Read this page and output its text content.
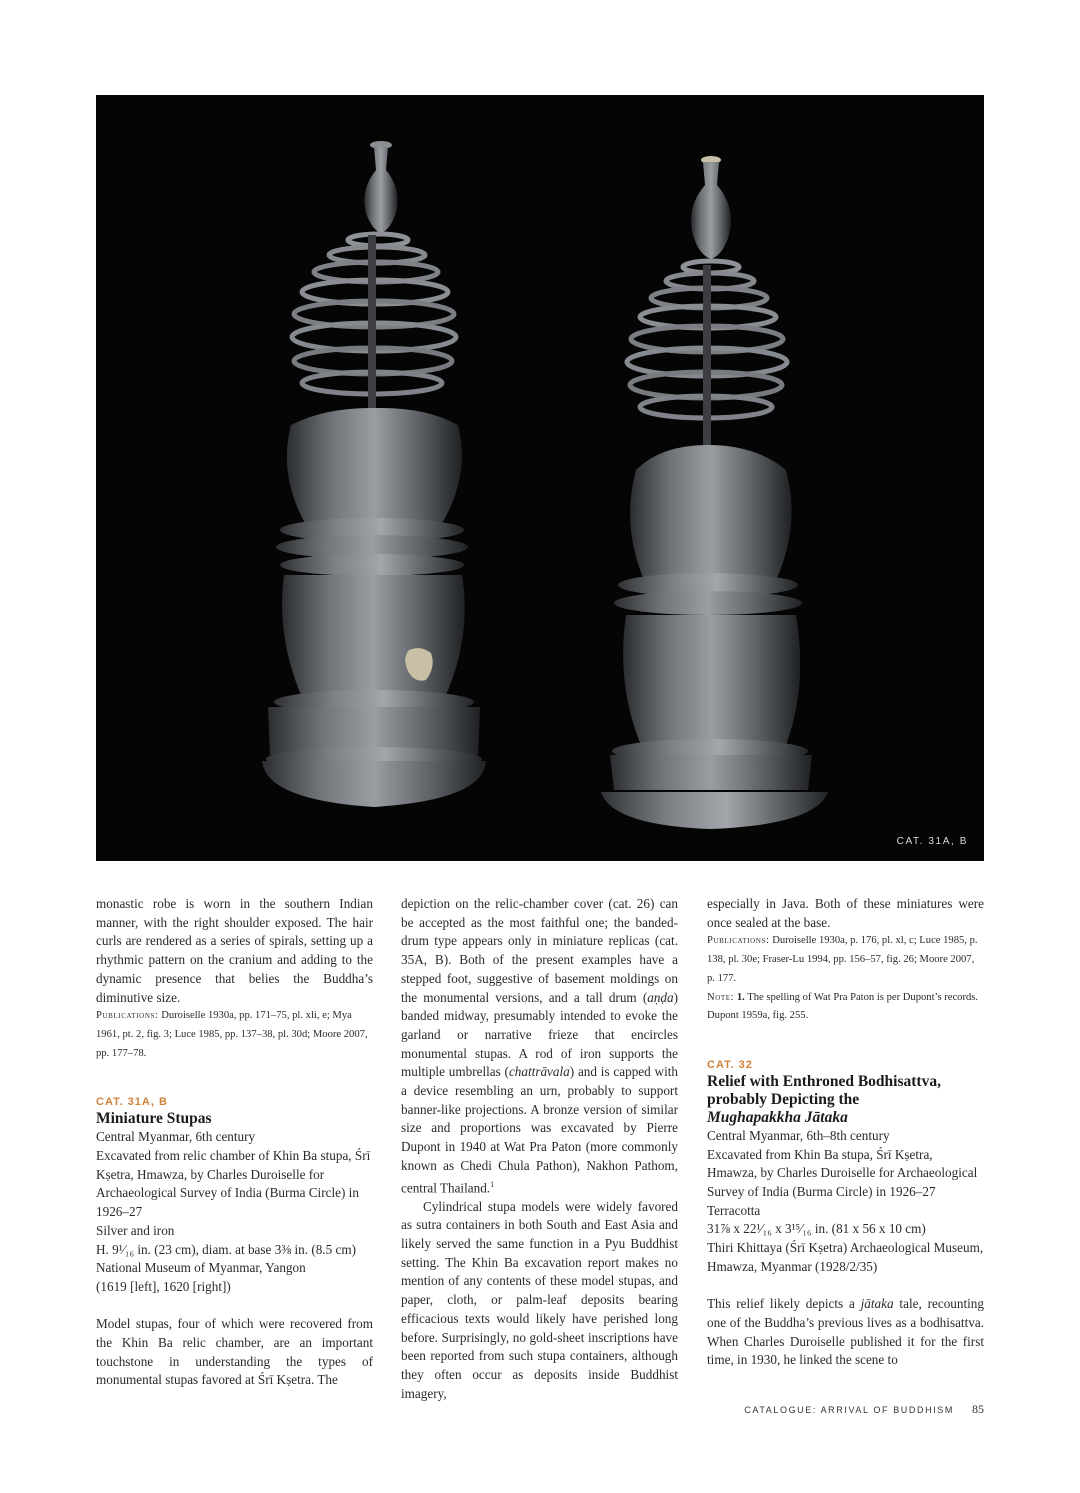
CAT. 31A, B

monastic robe is worn in the southern Indian manner, with the right shoulder exposed. The hair curls are rendered as a series of spirals, setting up a rhythmic pattern on the cranium and adding to the dynamic presence that belies the Buddha’s diminutive size.

Publications: Duroiselle 1930a, pp. 171–75, pl. xli, e; Mya 1961, pt. 2, fig. 3; Luce 1985, pp. 137–38, pl. 30d; Moore 2007, pp. 177–78.

CAT. 31A, B
Miniature Stupas
Central Myanmar, 6th century
Excavated from relic chamber of Khin Ba stupa, Śrī Kṣetra, Hmawza, by Charles Duroiselle for Archaeological Survey of India (Burma Circle) in 1926–27
Silver and iron
H. 9¹⁄₁₆ in. (23 cm), diam. at base 3⅜ in. (8.5 cm)
National Museum of Myanmar, Yangon
(1619 [left], 1620 [right])

Model stupas, four of which were recovered from the Khin Ba relic chamber, are an important touchstone in understanding the types of monumental stupas favored at Śrī Kṣetra. The

depiction on the relic-chamber cover (cat. 26) can be accepted as the most faithful one; the banded-drum type appears only in miniature replicas (cat. 35A, B). Both of the present examples have a stepped foot, suggestive of basement moldings on the monumental versions, and a tall drum (aṇḍa) banded midway, presumably intended to evoke the garland or narrative frieze that encircles monumental stupas. A rod of iron supports the multiple umbrellas (chattrāvala) and is capped with a device resembling an urn, probably to support banner-like projections. A bronze version of similar size and proportions was excavated by Pierre Dupont in 1940 at Wat Pra Paton (more commonly known as Chedi Chula Pathon), Nakhon Pathom, central Thailand.$^1$

Cylindrical stupa models were widely favored as sutra containers in both South and East Asia and likely served the same function in a Pyu Buddhist setting. The Khin Ba excavation report makes no mention of any contents of these model stupas, and paper, cloth, or palm-leaf deposits bearing efficacious texts would likely have perished long before. Surprisingly, no gold-sheet inscriptions have been reported from such stupa containers, although they often occur as deposits inside Buddhist imagery,

especially in Java. Both of these miniatures were once sealed at the base.

Publications: Duroiselle 1930a, p. 176, pl. xl, c; Luce 1985, p. 138, pl. 30e; Fraser-Lu 1994, pp. 156–57, fig. 26; Moore 2007, p. 177.

Note: 1. The spelling of Wat Pra Paton is per Dupont’s records. Dupont 1959a, fig. 255.

CAT. 32
Relief with Enthroned Bodhisattva, probably Depicting the
Mughapakkha Jātaka
Central Myanmar, 6th–8th century
Excavated from Khin Ba stupa, Śrī Kṣetra, Hmawza, by Charles Duroiselle for Archaeological Survey of India (Burma Circle) in 1926–27
Terracotta
31⅞ x 22¹⁄₁₆ x 3¹⁵⁄₁₆ in. (81 x 56 x 10 cm)
Thiri Khittaya (Śrī Kṣetra) Archaeological Museum, Hmawza, Myanmar (1928/2/35)

This relief likely depicts a jātaka tale, recounting one of the Buddha’s previous lives as a bodhisattva. When Charles Duroiselle published it for the first time, in 1930, he linked the scene to

CATALOGUE: ARRIVAL OF BUDDHISM 85
